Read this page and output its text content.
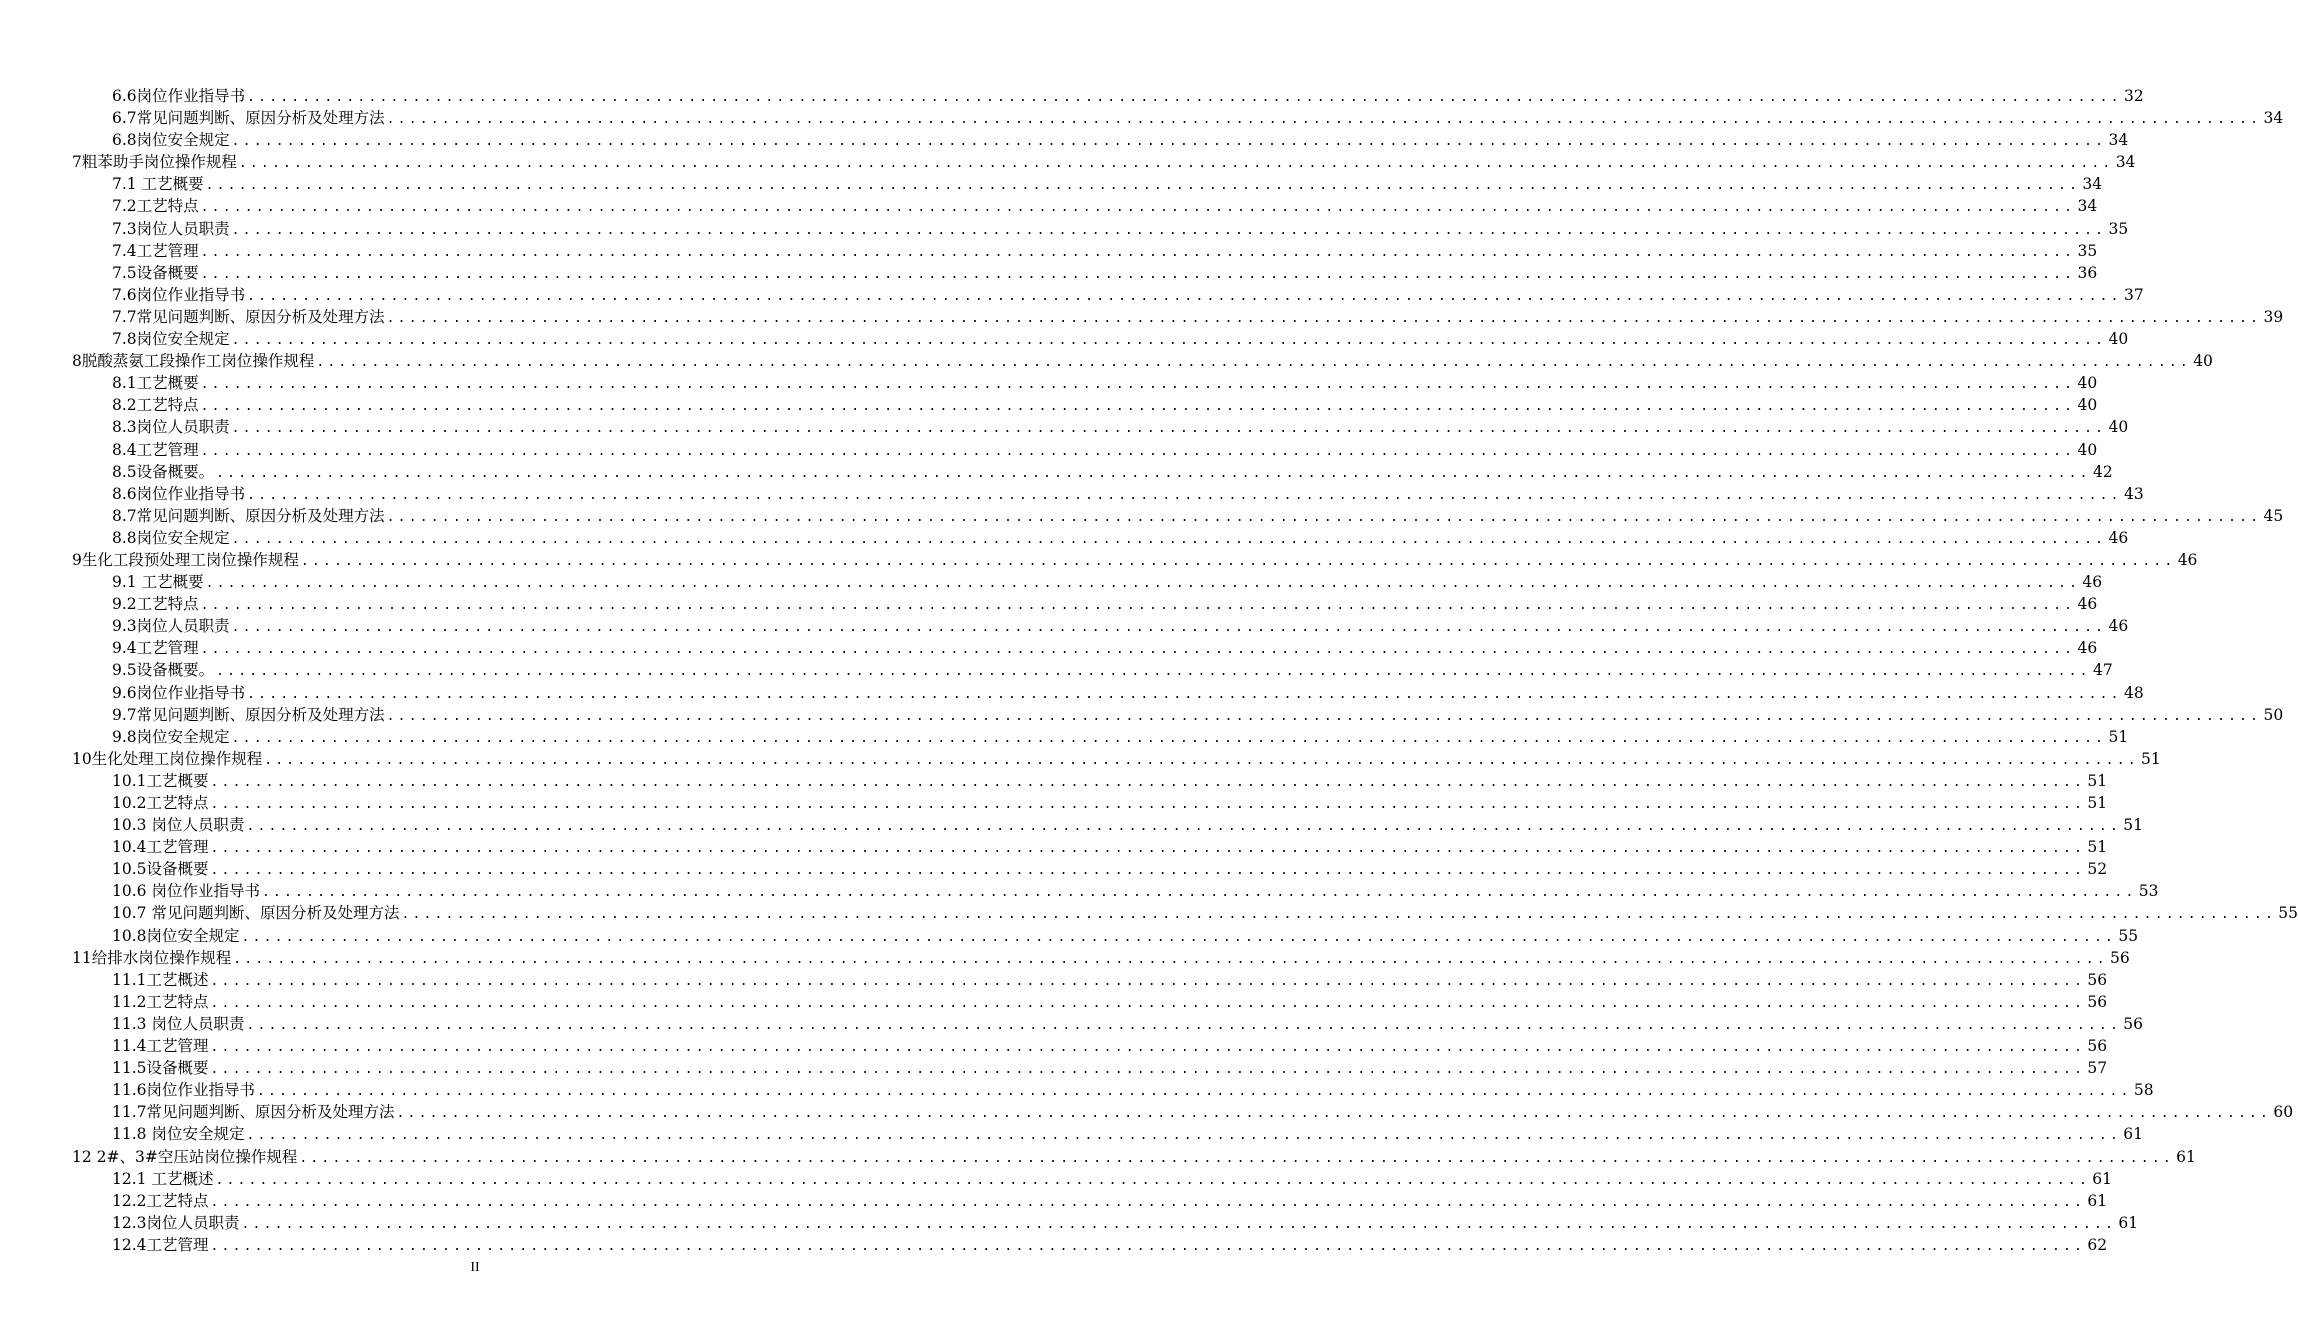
6.6岗位作业指导书 .......................................................................................................................................................................... 32
6.7常见问题判断、原因分析及处理方法 .......................................................................................................................................................................... 34
6.8岗位安全规定 .......................................................................................................................................................................... 34
7粗苯助手岗位操作规程 .......................................................................................................................................................................... 34
7.1 工艺概要 .......................................................................................................................................................................... 34
7.2工艺特点 .......................................................................................................................................................................... 34
7.3岗位人员职责 .......................................................................................................................................................................... 35
7.4工艺管理 .......................................................................................................................................................................... 35
7.5设备概要 .......................................................................................................................................................................... 36
7.6岗位作业指导书 .......................................................................................................................................................................... 37
7.7常见问题判断、原因分析及处理方法 .......................................................................................................................................................................... 39
7.8岗位安全规定 .......................................................................................................................................................................... 40
8脱酸蒸氨工段操作工岗位操作规程 .......................................................................................................................................................................... 40
8.1工艺概要 .......................................................................................................................................................................... 40
8.2工艺特点 .......................................................................................................................................................................... 40
8.3岗位人员职责 .......................................................................................................................................................................... 40
8.4工艺管理 .......................................................................................................................................................................... 40
8.5设备概要。 .......................................................................................................................................................................... 42
8.6岗位作业指导书 .......................................................................................................................................................................... 43
8.7常见问题判断、原因分析及处理方法 .......................................................................................................................................................................... 45
8.8岗位安全规定 .......................................................................................................................................................................... 46
9生化工段预处理工岗位操作规程 .......................................................................................................................................................................... 46
9.1 工艺概要 .......................................................................................................................................................................... 46
9.2工艺特点 .......................................................................................................................................................................... 46
9.3岗位人员职责 .......................................................................................................................................................................... 46
9.4工艺管理 .......................................................................................................................................................................... 46
9.5设备概要。 .......................................................................................................................................................................... 47
9.6岗位作业指导书 .......................................................................................................................................................................... 48
9.7常见问题判断、原因分析及处理方法 .......................................................................................................................................................................... 50
9.8岗位安全规定 .......................................................................................................................................................................... 51
10生化处理工岗位操作规程 .......................................................................................................................................................................... 51
10.1工艺概要 .......................................................................................................................................................................... 51
10.2工艺特点 .......................................................................................................................................................................... 51
10.3 岗位人员职责 .......................................................................................................................................................................... 51
10.4工艺管理 .......................................................................................................................................................................... 51
10.5设备概要 .......................................................................................................................................................................... 52
10.6 岗位作业指导书 .......................................................................................................................................................................... 53
10.7 常见问题判断、原因分析及处理方法 .......................................................................................................................................................................... 55
10.8岗位安全规定 .......................................................................................................................................................................... 55
11给排水岗位操作规程 .......................................................................................................................................................................... 56
11.1工艺概述 .......................................................................................................................................................................... 56
11.2工艺特点 .......................................................................................................................................................................... 56
11.3 岗位人员职责 .......................................................................................................................................................................... 56
11.4工艺管理 .......................................................................................................................................................................... 56
11.5设备概要 .......................................................................................................................................................................... 57
11.6岗位作业指导书 .......................................................................................................................................................................... 58
11.7常见问题判断、原因分析及处理方法 .......................................................................................................................................................................... 60
11.8 岗位安全规定 .......................................................................................................................................................................... 61
12 2#、3#空压站岗位操作规程 .......................................................................................................................................................................... 61
12.1 工艺概述 .......................................................................................................................................................................... 61
12.2工艺特点 .......................................................................................................................................................................... 61
12.3岗位人员职责 .......................................................................................................................................................................... 61
12.4工艺管理 .......................................................................................................................................................................... 62
II
